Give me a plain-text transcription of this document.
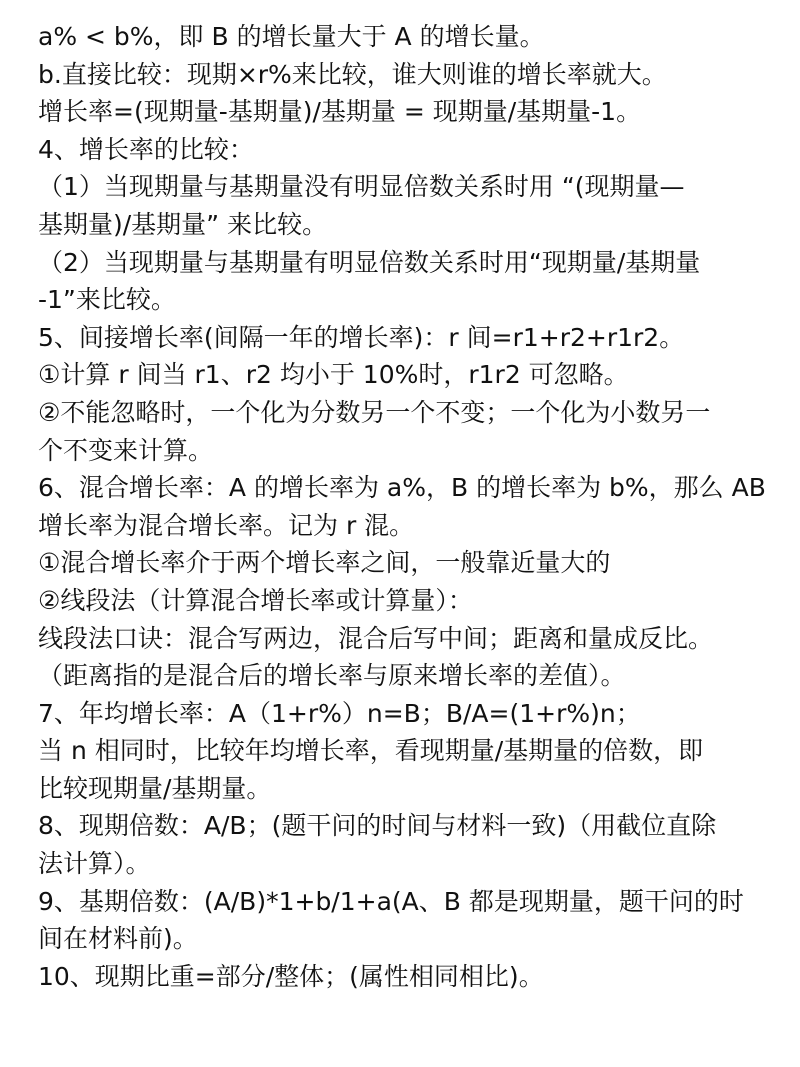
a% < b%，即 B 的增长量大于 A 的增长量。
b.直接比较：现期×r%来比较，谁大则谁的增长率就大。
增长率=(现期量-基期量)/基期量 = 现期量/基期量-1。
4、增长率的比较：
（1）当现期量与基期量没有明显倍数关系时用 “(现期量—
基期量)/基期量” 来比较。
（2）当现期量与基期量有明显倍数关系时用“现期量/基期量
-1”来比较。
5、间接增长率(间隔一年的增长率)：r 间=r1+r2+r1r2。
①计算 r 间当 r1、r2 均小于 10%时，r1r2 可忽略。
②不能忽略时，一个化为分数另一个不变；一个化为小数另一
个不变来计算。
6、混合增长率：A 的增长率为 a%，B 的增长率为 b%，那么 AB
增长率为混合增长率。记为 r 混。
①混合增长率介于两个增长率之间，一般靠近量大的
②线段法（计算混合增长率或计算量）：
线段法口诀：混合写两边，混合后写中间；距离和量成反比。
（距离指的是混合后的增长率与原来增长率的差值）。
7、年均增长率：A（1+r%）n=B；B/A=(1+r%)n；
当 n 相同时，比较年均增长率，看现期量/基期量的倍数，即
比较现期量/基期量。
8、现期倍数：A/B；(题干问的时间与材料一致)（用截位直除
法计算）。
9、基期倍数：(A/B)*1+b/1+a(A、B 都是现期量，题干问的时
间在材料前)。
10、现期比重=部分/整体；(属性相同相比)。
